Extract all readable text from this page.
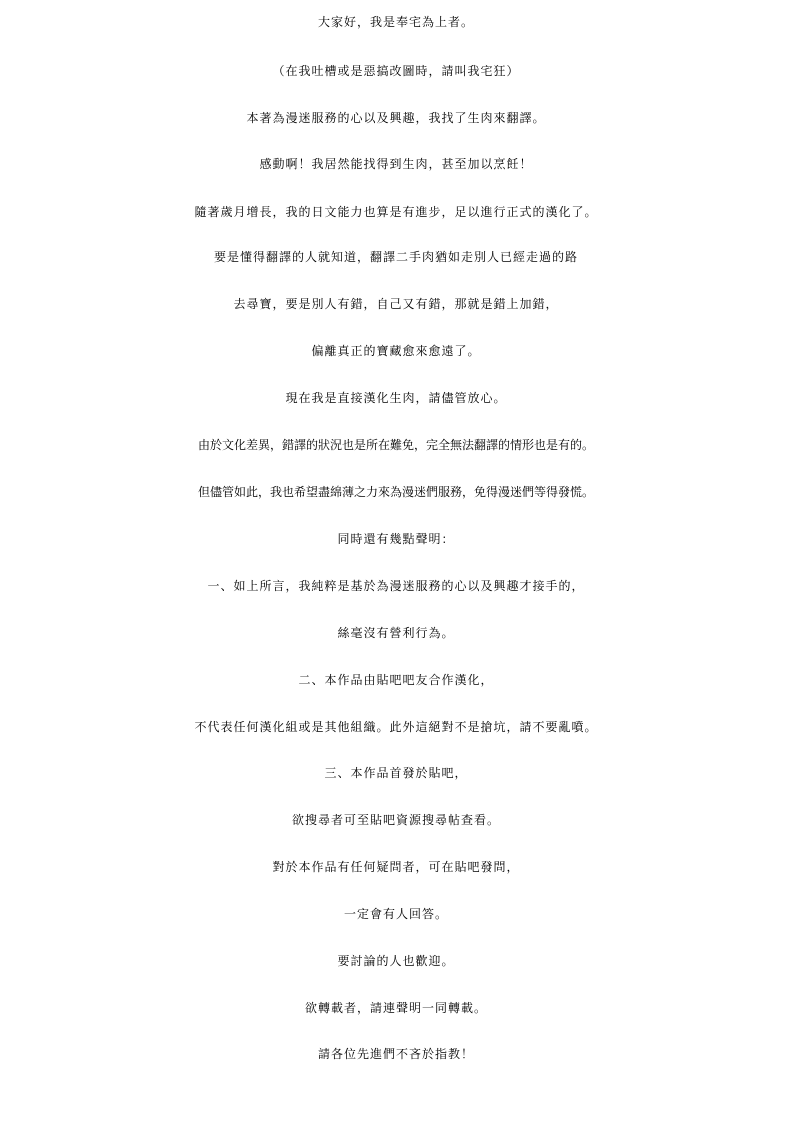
大家好，我是奉宅為上者。
（在我吐槽或是惡搞改圖時，請叫我宅狂）
本著為漫迷服務的心以及興趣，我找了生肉來翻譯。
感動啊！我居然能找得到生肉，甚至加以烹飪！
隨著歲月增長，我的日文能力也算是有進步，足以進行正式的漢化了。
要是懂得翻譯的人就知道，翻譯二手肉猶如走別人已經走過的路
去尋寶，要是別人有錯，自己又有錯，那就是錯上加錯，
偏離真正的寶藏愈來愈遠了。
現在我是直接漢化生肉，請儘管放心。
由於文化差異，錯譯的狀況也是所在難免，完全無法翻譯的情形也是有的。
但儘管如此，我也希望盡綿薄之力來為漫迷們服務，免得漫迷們等得發慌。
同時還有幾點聲明：
一、如上所言，我純粹是基於為漫迷服務的心以及興趣才接手的，
絲毫沒有營利行為。
二、本作品由貼吧吧友合作漢化，
不代表任何漢化組或是其他組織。此外這絕對不是搶坑，請不要亂噴。
三、本作品首發於貼吧，
欲搜尋者可至貼吧資源搜尋帖查看。
對於本作品有任何疑問者，可在貼吧發問，
一定會有人回答。
要討論的人也歡迎。
欲轉載者，請連聲明一同轉載。
請各位先進們不吝於指教！
